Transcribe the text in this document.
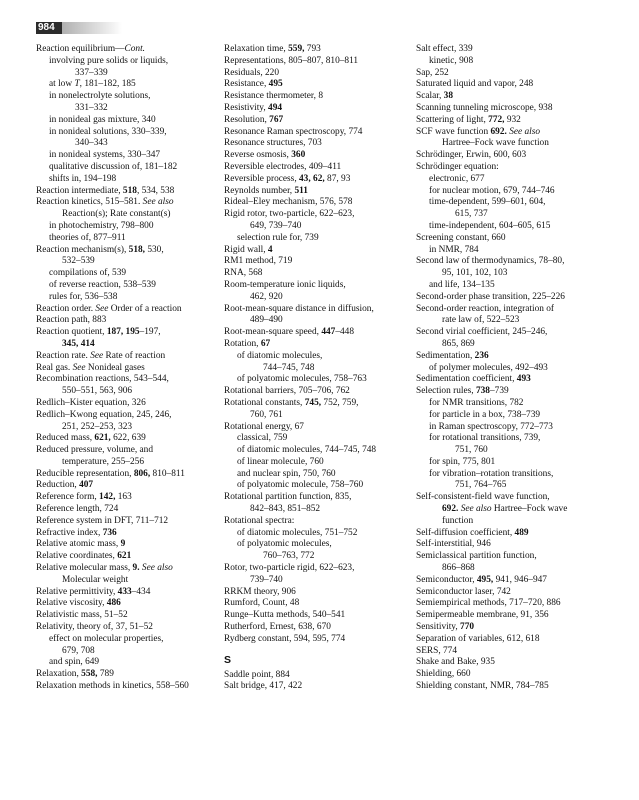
984
Reaction equilibrium—Cont.
involving pure solids or liquids,
337–339
at low T, 181–182, 185
in nonelectrolyte solutions,
331–332
in nonideal gas mixture, 340
in nonideal solutions, 330–339,
340–343
in nonideal systems, 330–347
qualitative discussion of, 181–182
shifts in, 194–198
Reaction intermediate, 518, 534, 538
Reaction kinetics, 515–581. See also
Reaction(s); Rate constant(s)
in photochemistry, 798–800
theories of, 877–911
Reaction mechanism(s), 518, 530,
532–539
compilations of, 539
of reverse reaction, 538–539
rules for, 536–538
Reaction order. See Order of a reaction
Reaction path, 883
Reaction quotient, 187, 195–197,
345, 414
Reaction rate. See Rate of reaction
Real gas. See Nonideal gases
Recombination reactions, 543–544,
550–551, 563, 906
Redlich–Kister equation, 326
Redlich–Kwong equation, 245, 246,
251, 252–253, 323
Reduced mass, 621, 622, 639
Reduced pressure, volume, and
temperature, 255–256
Reducible representation, 806, 810–811
Reduction, 407
Reference form, 142, 163
Reference length, 724
Reference system in DFT, 711–712
Refractive index, 736
Relative atomic mass, 9
Relative coordinates, 621
Relative molecular mass, 9. See also
Molecular weight
Relative permittivity, 433–434
Relative viscosity, 486
Relativistic mass, 51–52
Relativity, theory of, 37, 51–52
effect on molecular properties,
679, 708
and spin, 649
Relaxation, 558, 789
Relaxation methods in kinetics, 558–560
Relaxation time, 559, 793
Representations, 805–807, 810–811
Residuals, 220
Resistance, 495
Resistance thermometer, 8
Resistivity, 494
Resolution, 767
Resonance Raman spectroscopy, 774
Resonance structures, 703
Reverse osmosis, 360
Reversible electrodes, 409–411
Reversible process, 43, 62, 87, 93
Reynolds number, 511
Rideal–Eley mechanism, 576, 578
Rigid rotor, two-particle, 622–623,
649, 739–740
selection rule for, 739
Rigid wall, 4
RM1 method, 719
RNA, 568
Room-temperature ionic liquids,
462, 920
Root-mean-square distance in diffusion,
489–490
Root-mean-square speed, 447–448
Rotation, 67
of diatomic molecules,
744–745, 748
of polyatomic molecules, 758–763
Rotational barriers, 705–706, 762
Rotational constants, 745, 752, 759,
760, 761
Rotational energy, 67
classical, 759
of diatomic molecules, 744–745, 748
of linear molecule, 760
and nuclear spin, 750, 760
of polyatomic molecule, 758–760
Rotational partition function, 835,
842–843, 851–852
Rotational spectra:
of diatomic molecules, 751–752
of polyatomic molecules,
760–763, 772
Rotor, two-particle rigid, 622–623,
739–740
RRKM theory, 906
Rumford, Count, 48
Runge–Kutta methods, 540–541
Rutherford, Ernest, 638, 670
Rydberg constant, 594, 595, 774
S
Saddle point, 884
Salt bridge, 417, 422
Salt effect, 339
kinetic, 908
Sap, 252
Saturated liquid and vapor, 248
Scalar, 38
Scanning tunneling microscope, 938
Scattering of light, 772, 932
SCF wave function 692. See also
Hartree–Fock wave function
Schrödinger, Erwin, 600, 603
Schrödinger equation:
electronic, 677
for nuclear motion, 679, 744–746
time-dependent, 599–601, 604,
615, 737
time-independent, 604–605, 615
Screening constant, 660
in NMR, 784
Second law of thermodynamics, 78–80,
95, 101, 102, 103
and life, 134–135
Second-order phase transition, 225–226
Second-order reaction, integration of
rate law of, 522–523
Second virial coefficient, 245–246,
865, 869
Sedimentation, 236
of polymer molecules, 492–493
Sedimentation coefficient, 493
Selection rules, 738–739
for NMR transitions, 782
for particle in a box, 738–739
in Raman spectroscopy, 772–773
for rotational transitions, 739,
751, 760
for spin, 775, 801
for vibration–rotation transitions,
751, 764–765
Self-consistent-field wave function,
692. See also Hartree–Fock wave
function
Self-diffusion coefficient, 489
Self-interstitial, 946
Semiclassical partition function,
866–868
Semiconductor, 495, 941, 946–947
Semiconductor laser, 742
Semiempirical methods, 717–720, 886
Semipermeable membrane, 91, 356
Sensitivity, 770
Separation of variables, 612, 618
SERS, 774
Shake and Bake, 935
Shielding, 660
Shielding constant, NMR, 784–785
